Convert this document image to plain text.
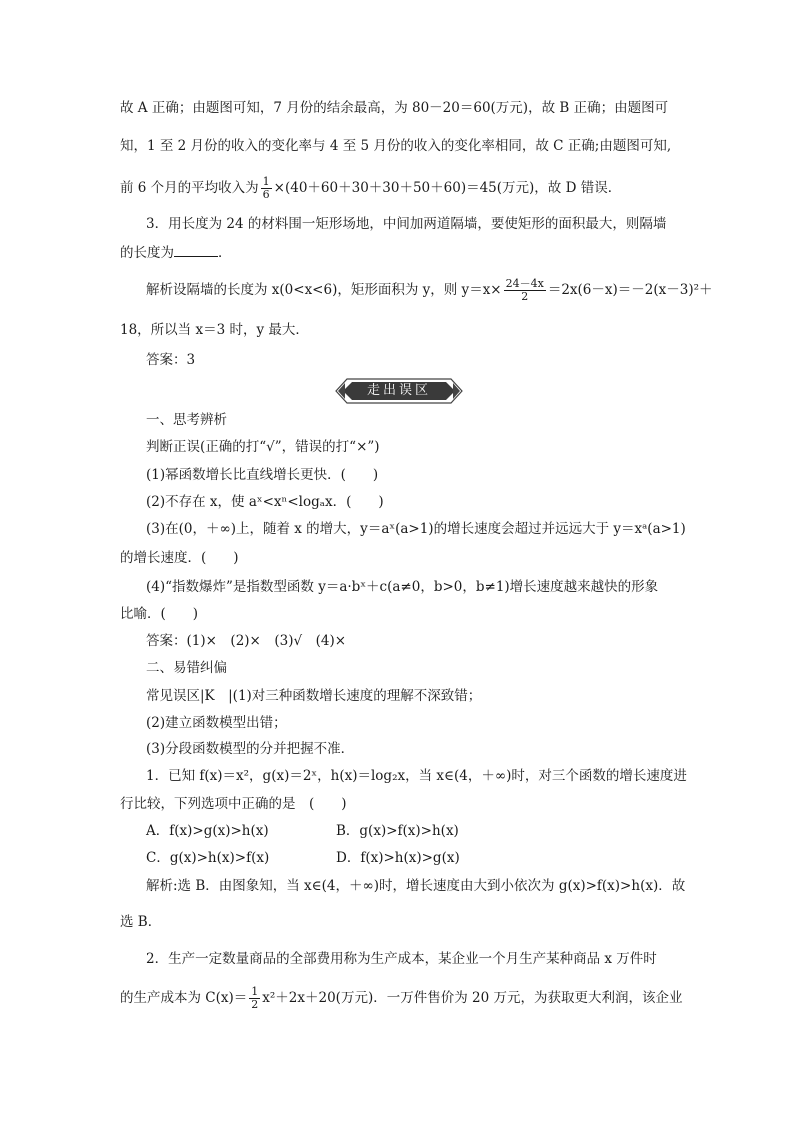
故 A 正确；由题图可知，7 月份的结余最高，为 80－20＝60(万元)，故 B 正确；由题图可
知，1 至 2 月份的收入的变化率与 4 至 5 月份的收入的变化率相同，故 C 正确;由题图可知,
前 6 个月的平均收入为 $\frac{1}{6} \times(40+60+30+30+50+60)=45$(万元)，故 D 错误．
3．用长度为 24 的材料围一矩形场地，中间加两道隔墙，要使矩形的面积最大，则隔墙
的长度为	．
解析设隔墙的长度为 x(0<x<6)，矩形面积为 y，则 $y=x\times \frac{24-4x}{2} =2x(6-x)=-2(x-3)^2+$
18，所以当 x＝3 时，y 最大．
答案：3
走出误区
一、思考辨析
判断正误(正确的打“√”，错误的打“×”)
(1)幂函数增长比直线增长更快．(　　)
(2)不存在 x，使 aˣ<xⁿ<logₐx．(　　)
(3)在(0，＋∞)上，随着 x 的增大，y＝aˣ(a>1)的增长速度会超过并远远大于 y＝xᵃ(a>1)
的增长速度．(　　)
(4)“指数爆炸”是指数型函数 y＝a·bˣ＋c(a≠0，b>0，b≠1)增长速度越来越快的形象
比喻．(　　)
答案：(1)×　(2)×　(3)√　(4)×
二、易错纠偏
常见误区|K　|(1)对三种函数增长速度的理解不深致错；
(2)建立函数模型出错；
(3)分段函数模型的分并把握不准．
1．已知 f(x)＝x²，g(x)＝2ˣ，h(x)＝log₂x，当 x∈(4，＋∞)时，对三个函数的增长速度进
行比较，下列选项中正确的是　(　　)
A．f(x)>g(x)>h(x)	B．g(x)>f(x)>h(x)
C．g(x)>h(x)>f(x)	D．f(x)>h(x)>g(x)
解析:选 B．由图象知，当 x∈(4，＋∞)时，增长速度由大到小依次为 g(x)>f(x)>h(x)．故
选 B．
2．生产一定数量商品的全部费用称为生产成本，某企业一个月生产某种商品 x 万件时
的生产成本为 $C(x)= \frac{1}{2} x^2+2x+20$(万元)．一万件售价为 20 万元，为获取更大利润，该企业
